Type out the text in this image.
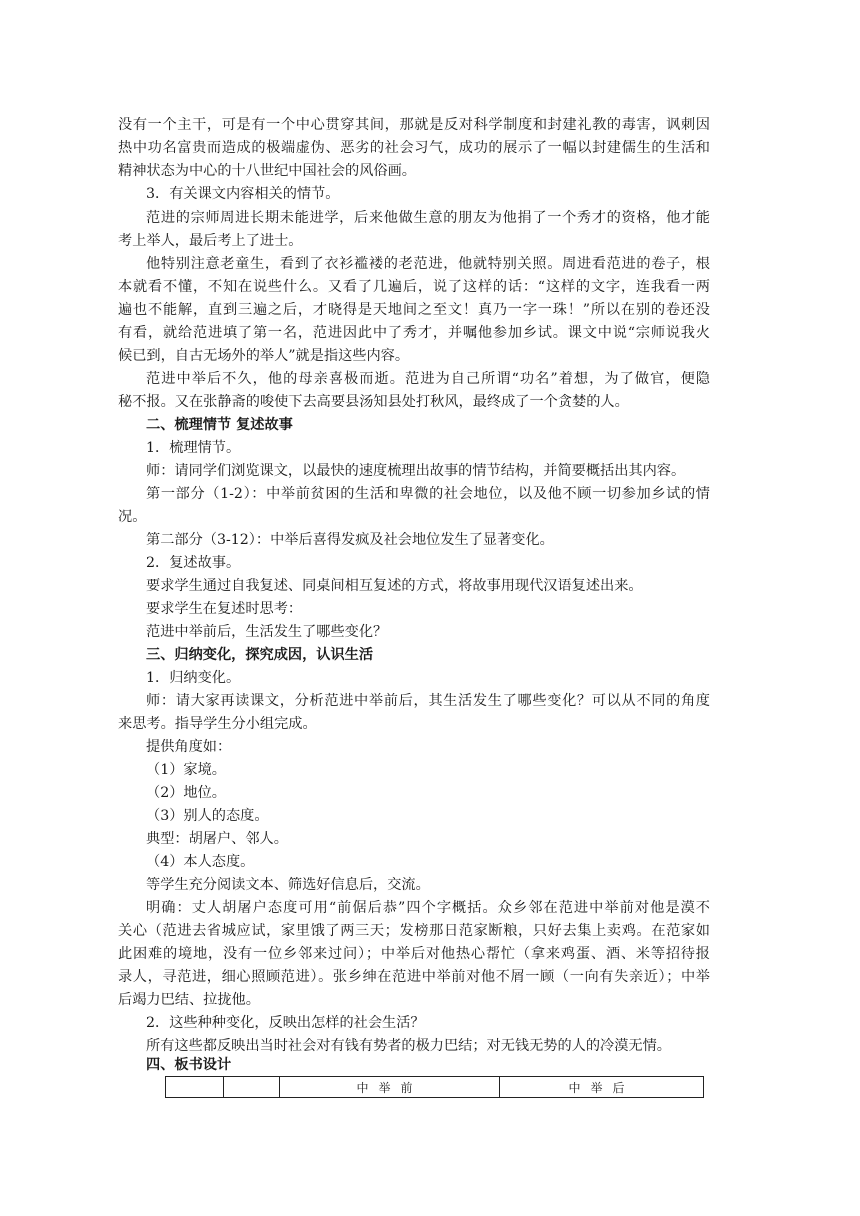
没有一个主干，可是有一个中心贯穿其间，那就是反对科学制度和封建礼教的毒害，讽刺因
热中功名富贵而造成的极端虚伪、恶劣的社会习气，成功的展示了一幅以封建儒生的生活和
精神状态为中心的十八世纪中国社会的风俗画。
3．有关课文内容相关的情节。
范进的宗师周进长期未能进学，后来他做生意的朋友为他捐了一个秀才的资格，他才能
考上举人，最后考上了进士。
他特别注意老童生，看到了衣衫褴褛的老范进，他就特别关照。周进看范进的卷子，根
本就看不懂，不知在说些什么。又看了几遍后，说了这样的话：“这样的文字，连我看一两
遍也不能解，直到三遍之后，才晓得是天地间之至文！真乃一字一珠！”所以在别的卷还没
有看，就给范进填了第一名，范进因此中了秀才，并嘱他参加乡试。课文中说“宗师说我火
候已到，自古无场外的举人”就是指这些内容。
范进中举后不久，他的母亲喜极而逝。范进为自己所谓“功名”着想，为了做官，便隐
秘不报。又在张静斋的唆使下去高要县汤知县处打秋风，最终成了一个贪婪的人。
二、梳理情节 复述故事
1．梳理情节。
师：请同学们浏览课文，以最快的速度梳理出故事的情节结构，并简要概括出其内容。
第一部分（1-2）：中举前贫困的生活和卑微的社会地位，以及他不顾一切参加乡试的情
况。
第二部分（3-12）：中举后喜得发疯及社会地位发生了显著变化。
2．复述故事。
要求学生通过自我复述、同桌间相互复述的方式，将故事用现代汉语复述出来。
要求学生在复述时思考：
范进中举前后，生活发生了哪些变化？
三、归纳变化，探究成因，认识生活
1．归纳变化。
师：请大家再读课文，分析范进中举前后，其生活发生了哪些变化？可以从不同的角度
来思考。指导学生分小组完成。
提供角度如：
（1）家境。
（2）地位。
（3）别人的态度。
典型：胡屠户、邻人。
（4）本人态度。
等学生充分阅读文本、筛选好信息后，交流。
明确：丈人胡屠户态度可用“前倨后恭”四个字概括。众乡邻在范进中举前对他是漠不
关心（范进去省城应试，家里饿了两三天；发榜那日范家断粮，只好去集上卖鸡。在范家如
此困难的境地，没有一位乡邻来过问）；中举后对他热心帮忙（拿来鸡蛋、酒、米等招待报
录人，寻范进，细心照顾范进）。张乡绅在范进中举前对他不屑一顾（一向有失亲近）；中举
后竭力巴结、拉拢他。
2．这些种种变化，反映出怎样的社会生活？
所有这些都反映出当时社会对有钱有势者的极力巴结；对无钱无势的人的冷漠无情。
四、板书设计
		中举前	中举后
